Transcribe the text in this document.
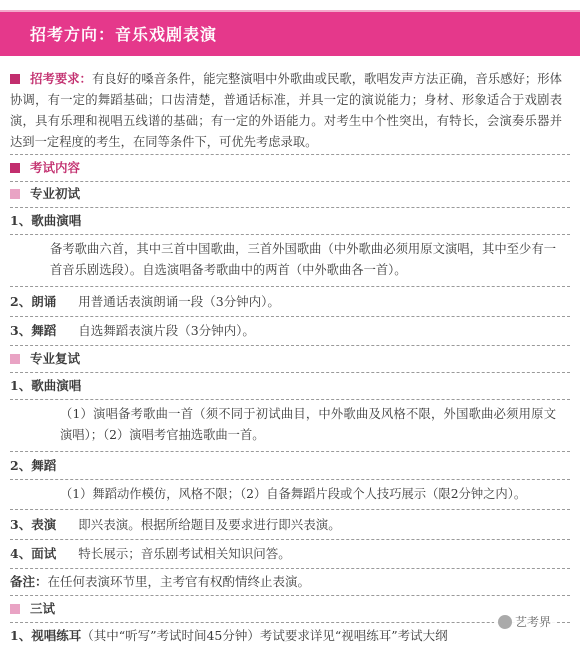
招考方向：音乐戏剧表演
招考要求：有良好的嗓音条件，能完整演唱中外歌曲或民歌，歌唱发声方法正确，音乐感好；形体协调，有一定的舞蹈基础；口齿清楚，普通话标准，并具一定的演说能力；身材、形象适合于戏剧表演，具有乐理和视唱五线谱的基础；有一定的外语能力。对考生中个性突出，有特长，会演奏乐器并达到一定程度的考生，在同等条件下，可优先考虑录取。
考试内容
专业初试
1、歌曲演唱
备考歌曲六首，其中三首中国歌曲，三首外国歌曲（中外歌曲必须用原文演唱，其中至少有一首音乐剧选段）。自选演唱备考歌曲中的两首（中外歌曲各一首）。
2、朗诵 用普通话表演朗诵一段（3分钟内）。
3、舞蹈 自选舞蹈表演片段（3分钟内）。
专业复试
1、歌曲演唱
（1）演唱备考歌曲一首（须不同于初试曲目，中外歌曲及风格不限，外国歌曲必须用原文演唱）；（2）演唱考官抽选歌曲一首。
2、舞蹈
（1）舞蹈动作模仿，风格不限；（2）自备舞蹈片段或个人技巧展示（限2分钟之内）。
3、表演 即兴表演。根据所给题目及要求进行即兴表演。
4、面试 特长展示；音乐剧考试相关知识问答。
备注：在任何表演环节里，主考官有权酌情终止表演。
三试
1、视唱练耳（其中“听写”考试时间45分钟）考试要求详见“视唱练耳”考试大纲
艺考界
